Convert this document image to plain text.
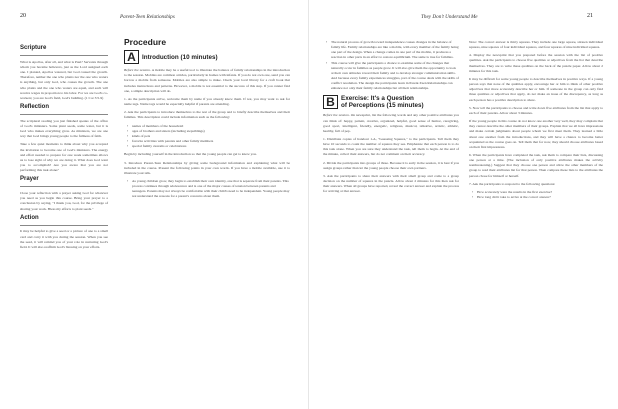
20	Parent-Teen Relationships
Scripture

What is Apollos, after all, and what is Paul? Servants through whom you became believers, just as the Lord assigned each one. I planted, Apollos watered, but God caused the growth. Therefore, neither the one who plants nor the one who waters is anything, but only God, who causes the growth. The one who plants and the one who waters are equal, and each will receive wages in proportion to his labor. For we are God's co-workers; you are God's field, God's building. (1 Cor 3:5-9)

Reflection

The scriptural reading you just finished speaks of the office of God's ministers. Some plant seeds, some water, but it is God who makes everything grow. As ministers, we are one way that God brings young people to the fullness of faith.

Take a few quiet moments to think about why you accepted the invitation to become one of God's ministers. The energy and effort needed to prepare for one week sometimes allows us to lose sight of why we are doing it. What does God want you to accomplish? Are you aware that you are not performing this task alone?

Prayer

Close your reflection with a prayer asking God for whatever you need as you begin this course. Bring your prayer to a conclusion by saying, "I thank you, God, for the privilege of sharing your work. Bless my efforts to plant seeds."

Action

It may be helpful to give a seed or a picture of one to a small card and carry it with you during the session. When you see the seed, it will remind you of your role in nurturing God's field. It will also reaffirm God's blessing on your efforts.

Procedure
A Introduction (10 minutes)

Before the session. A mobile may be a useful tool to illustrate the balance of family relationships in the introduction to the session. Mobiles are common articles, particularly in homes with infants. If you do not own one, send you can borrow a mobile from someone. Mobiles are also simple to make. Check your local library for a craft book that includes instructions and patterns. However, a mobile is not essential to the success of this step. If you cannot find one, a simple description will do.

1. As the participants arrive, welcome them by name if you already know them. If not, you may want to ask for name tags. Name tags would be especially helpful if parents are attending.

2. Ask the participants to introduce themselves to the rest of the group and to briefly describe themselves and their families. This description could include information such as the following:

• names of members of the household
• ages of brothers and sisters (including stepsiblings)
• kinds of pets
• favorite activities with parents and other family members
• special family customs or celebrations

Begin by including yourself in the introduction so that the young people can get to know you.

3. Introduce Parent-Teen Relationships by giving some background information and explaining what will be included in the course. Present the following points in your own words. If you have a mobile available, use it to illustrate your talk.

• As young children grow, they begin to establish their own identity, one that is separate from their parents. This process continues through adolescence and is one of the major causes of tension between parents and teenagers. Parents may not always be comfortable with their child's need to be independent. Young people may not understand the reasons for a parent's concerns about them.
They Don't Understand Me	21
• The natural process of growth toward independence causes changes in the balance of family life. Family relationships are like a mobile, with every member of the family being one part of the design. When a change comes in one part of the mobile, it produces a reaction in other parts in an effort to restore equilibrium. The same is true for families.
• This course will give the participants a chance to examine some of the changes that naturally occur in families as people grow. It will also give them the opportunity to look at their own attitudes toward their family and to develop stronger communication skills. And because every family experiences struggles, part of the course deals with the skills of conflict resolution. The design the participants learn in Parent-Teen Relationships can enhance not only their family relationships but all their relationships.
B Exercise: It's a Question
of Perceptions (15 minutes)

Before the session. On newsprint, list the following words and any other positive attributes you can think of: happy, patient, creative, organized, helpful, good sense of humor, caregiving, good sport, intelligent, friendly, energetic, religious, musical, talkative, artistic, athletic, healthy, full of pep.

1. Distribute copies of handout 1-A, "Guessing Squares," to the participants. Tell them they have 10 seconds to count the number of squares they see. Emphasize that each person is to do this task alone. When you are sure they understand the task, tell them to begin. At the end of the minute, collect their answers, but do not comment on their accuracy.

2. Divide the participants into groups of three. Because it is early in the session, it is best if you assign groups rather than let the young people choose their own partners.

3. Ask the participants to share their answers with their small group and come to a group decision on the number of squares in the puzzle. Allow about 2 minutes for this then ask for their answers. When all groups have reported, reveal the correct answer and explain the process for arriving at that answer.

Note: The correct answer is thirty squares. They include one large square, sixteen individual squares, nine squares of four individual squares, and four squares of nine individual squares.

4. Display the newsprint that you prepared before the session with the list of positive qualities. Ask the participants to choose five qualities or adjectives from the list that describe themselves. They are to write these qualities on the back of the puzzle paper. Allow about 2 minutes for this task.

It may be difficult for some young people to describe themselves in positive ways. If a young person says that none of the qualities apply, encourage her or him to think of other positive adjectives that more accurately describe her or him. If someone in the group can only find three qualities or adjectives that apply, do not make an issue of the discrepancy, as long as each person has a positive description to share.

5. Now tell the participants to choose and write down five attributes from the list that apply to each of their parents. Allow about 3 minutes.

If the young people in this course do not know one another very well, they may complain that they cannot describe the other members of their groups. Explain that we all have impressions and make certain judgments about people whom we first meet them. They learned a little about one another from the introductions, and they will have a chance to become better acquainted as the course goes on. Tell them that for now, they should choose attributes based on their first impressions.

6. When the participants have completed the task, ask them to compare their lists, discussing one person at a time. (The inclusion of only positive attributes makes the activity nonthreatening.) Suggest that they choose one person and allow the other members of the group to read their attributes list for that person. Then compare these lists to the attributes the person chose for himself or herself.

7. Ask the participants to respond to the following questions:

• How accurately were the results in the first exercise?
• How long did it take to arrive at the correct answer?
